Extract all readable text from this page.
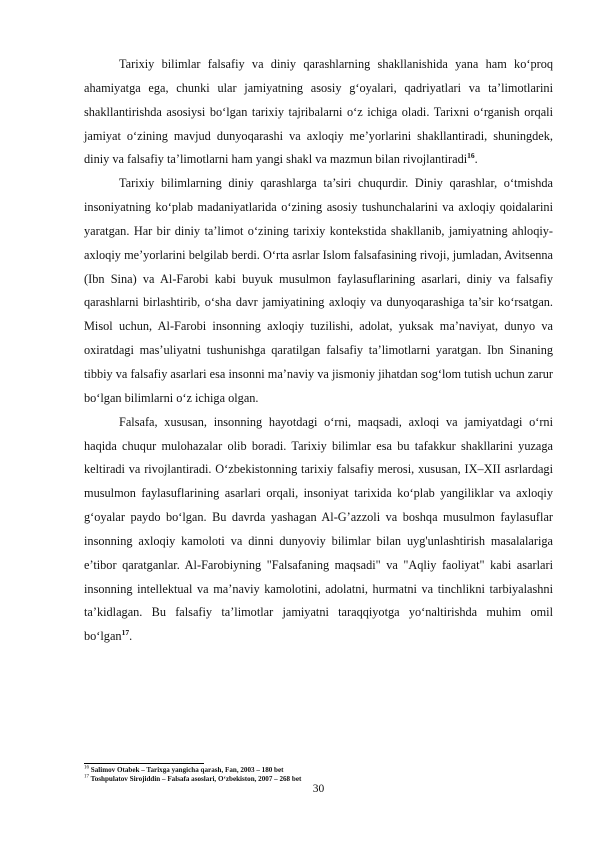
Tarixiy bilimlar falsafiy va diniy qarashlarning shakllanishida yana ham ko‘proq ahamiyatga ega, chunki ular jamiyatning asosiy g‘oyalari, qadriyatlari va ta’limotlarini shakllantirishda asosiysi bo‘lgan tarixiy tajribalarni o‘z ichiga oladi. Tarixni o‘rganish orqali jamiyat o‘zining mavjud dunyoqarashi va axloqiy me’yorlarini shakllantiradi, shuningdek, diniy va falsafiy ta’limotlarni ham yangi shakl va mazmun bilan rivojlantiradi$^{16}$.

Tarixiy bilimlarning diniy qarashlarga ta’siri chuqurdir. Diniy qarashlar, o‘tmishda insoniyatning ko‘plab madaniyatlarida o‘zining asosiy tushunchalarini va axloqiy qoidalarini yaratgan. Har bir diniy ta’limot o‘zining tarixiy kontekstida shakllanib, jamiyatning ahloqiy-axloqiy me’yorlarini belgilab berdi. O‘rta asrlar Islom falsafasining rivoji, jumladan, Avitsenna (Ibn Sina) va Al-Farobi kabi buyuk musulmon faylasuflarining asarlari, diniy va falsafiy qarashlarni birlashtirib, o‘sha davr jamiyatining axloqiy va dunyoqarashiga ta’sir ko‘rsatgan. Misol uchun, Al-Farobi insonning axloqiy tuzilishi, adolat, yuksak ma’naviyat, dunyo va oxiratdagi mas’uliyatni tushunishga qaratilgan falsafiy ta’limotlarni yaratgan. Ibn Sinaning tibbiy va falsafiy asarlari esa insonni ma’naviy va jismoniy jihatdan sog‘lom tutish uchun zarur bo‘lgan bilimlarni o‘z ichiga olgan.

Falsafa, xususan, insonning hayotdagi o‘rni, maqsadi, axloqi va jamiyatdagi o‘rni haqida chuqur mulohazalar olib boradi. Tarixiy bilimlar esa bu tafakkur shakllarini yuzaga keltiradi va rivojlantiradi. O‘zbekistonning tarixiy falsafiy merosi, xususan, IX–XII asrlardagi musulmon faylasuflarining asarlari orqali, insoniyat tarixida ko‘plab yangiliklar va axloqiy g‘oyalar paydo bo‘lgan. Bu davrda yashagan Al-G’azzoli va boshqa musulmon faylasuflar insonning axloqiy kamoloti va dinni dunyoviy bilimlar bilan uyg'unlashtirish masalalariga e’tibor qaratganlar. Al-Farobiyning "Falsafaning maqsadi" va "Aqliy faoliyat" kabi asarlari insonning intellektual va ma’naviy kamolotini, adolatni, hurmatni va tinchlikni tarbiyalashni ta’kidlagan. Bu falsafiy ta’limotlar jamiyatni taraqqiyotga yo‘naltirishda muhim omil bo‘lgan$^{17}$.

$^{16}$ Salimov Otabek – Tarixga yangicha qarash, Fan, 2003 – 180 bet
$^{17}$ Toshpulatov Sirojiddin – Falsafa asoslari, O‘zbekiston, 2007 – 268 bet
30
